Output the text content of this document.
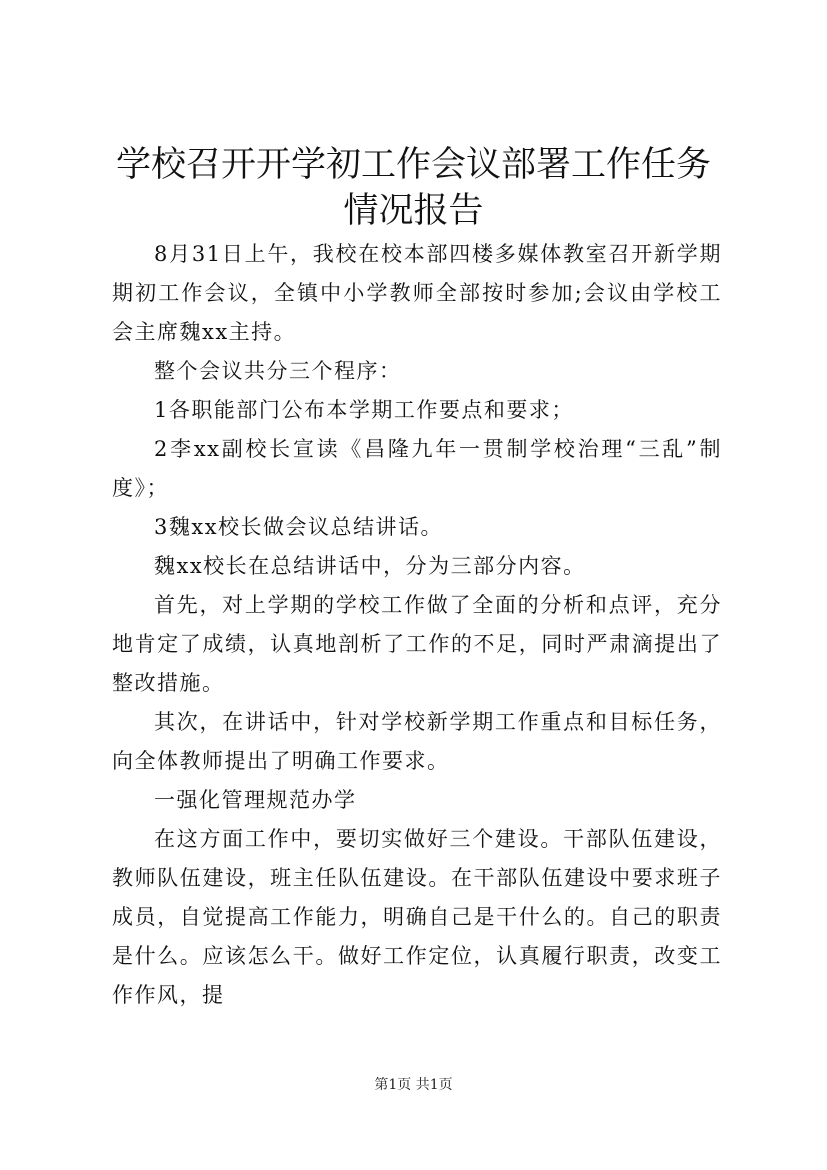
学校召开开学初工作会议部署工作任务情况报告

8月31日上午，我校在校本部四楼多媒体教室召开新学期期初工作会议，全镇中小学教师全部按时参加;会议由学校工会主席魏xx主持。

整个会议共分三个程序：

1各职能部门公布本学期工作要点和要求；

2李xx副校长宣读《昌隆九年一贯制学校治理“三乱”制度》；

3魏xx校长做会议总结讲话。

魏xx校长在总结讲话中，分为三部分内容。

首先，对上学期的学校工作做了全面的分析和点评，充分地肯定了成绩，认真地剖析了工作的不足，同时严肃滴提出了整改措施。

其次，在讲话中，针对学校新学期工作重点和目标任务，向全体教师提出了明确工作要求。

一强化管理规范办学

在这方面工作中，要切实做好三个建设。干部队伍建设，教师队伍建设，班主任队伍建设。在干部队伍建设中要求班子成员，自觉提高工作能力，明确自己是干什么的。自己的职责是什么。应该怎么干。做好工作定位，认真履行职责，改变工作作风，提

第1页 共1页
